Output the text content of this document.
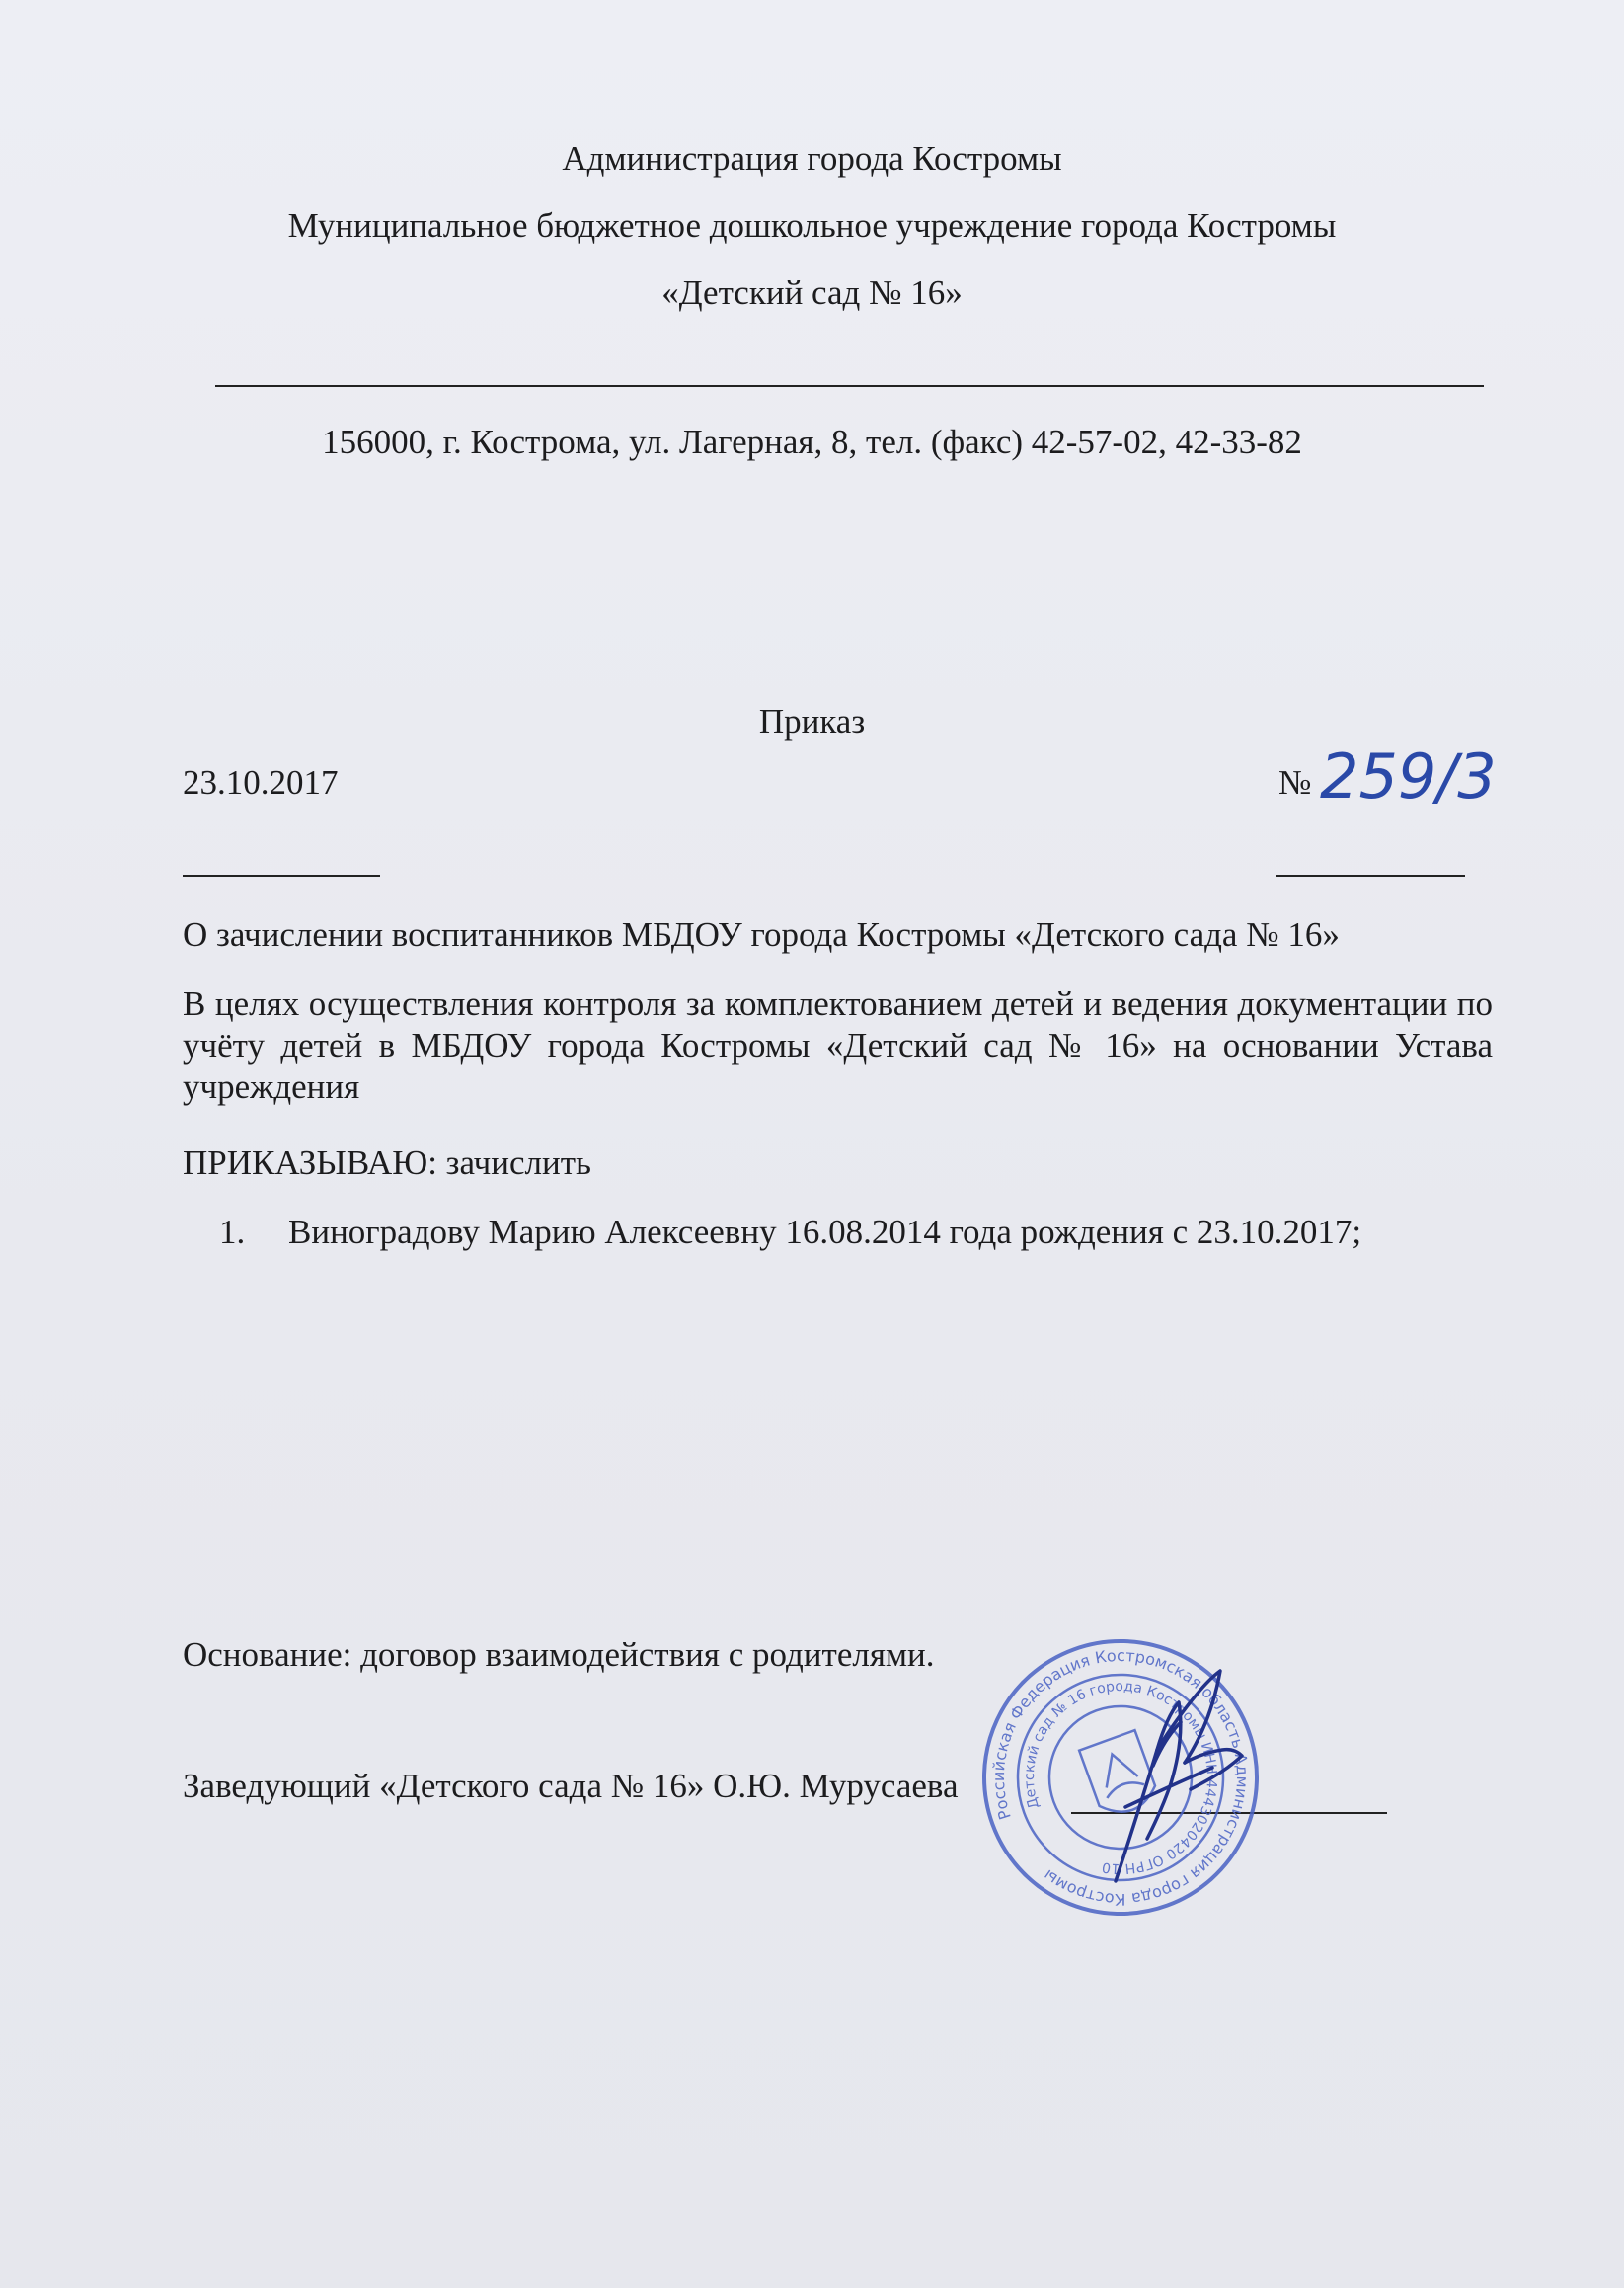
Администрация города Костромы
Муниципальное бюджетное дошкольное учреждение города Костромы
«Детский сад № 16»
156000, г. Кострома, ул. Лагерная, 8, тел. (факс) 42-57-02, 42-33-82
Приказ
23.10.2017	№ 259/3
О зачислении воспитанников МБДОУ города Костромы «Детского сада № 16»
В целях осуществления контроля за комплектованием детей и ведения документации по учёту детей в МБДОУ города Костромы «Детский сад № 16» на основании Устава учреждения
ПРИКАЗЫВАЮ: зачислить
1. Виноградову Марию Алексеевну 16.08.2014 года рождения с 23.10.2017;
Основание: договор взаимодействия с родителями.
Заведующий «Детского сада № 16» О.Ю. Мурусаева
Российская Федерация Костромская область Администрация города Костромы
Детский сад № 16 города Костромы ИНН 4443020420 ОГРН 10
